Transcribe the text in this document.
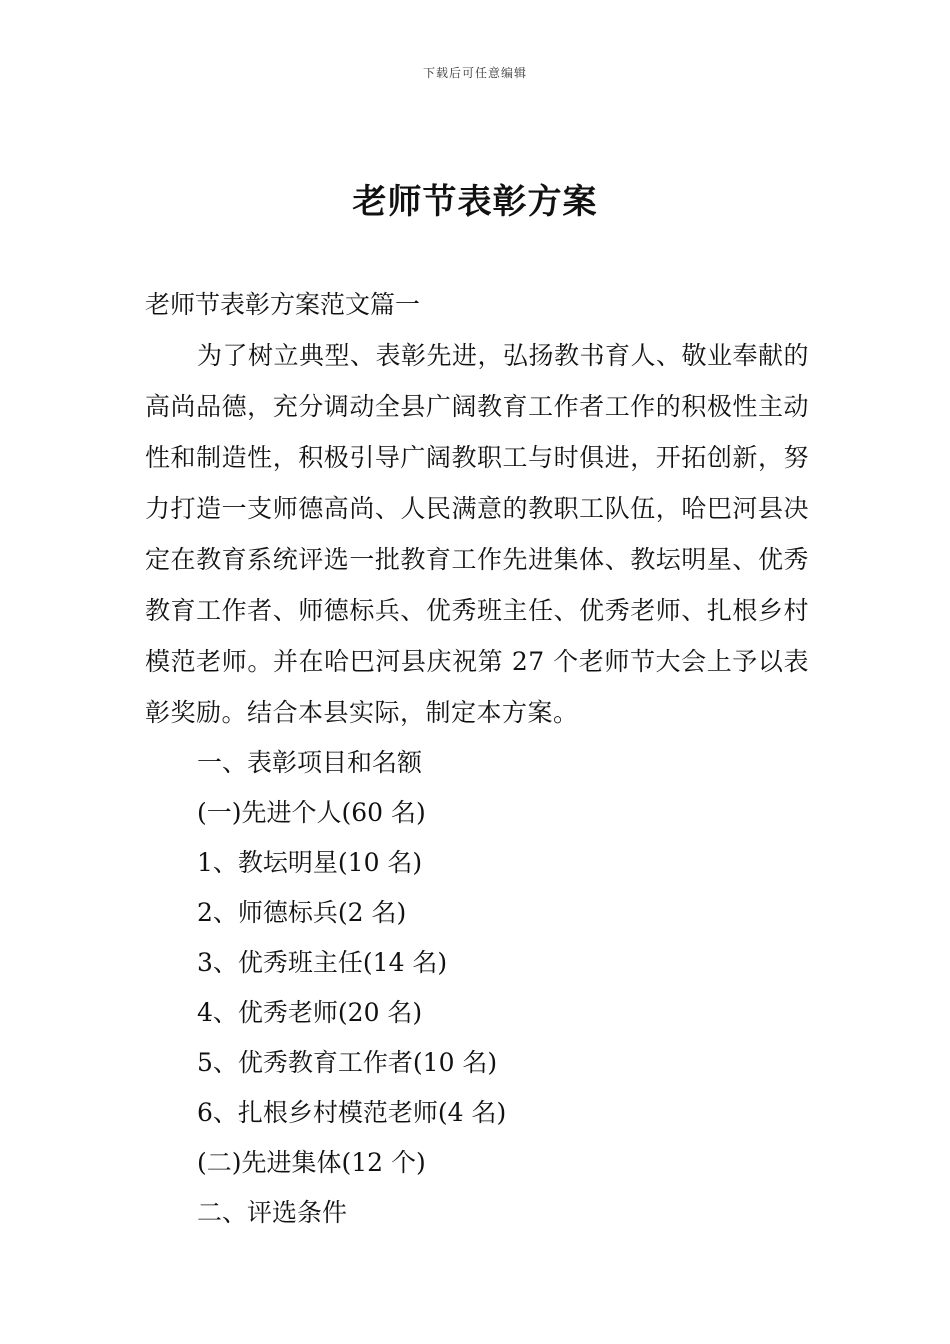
下载后可任意编辑
老师节表彰方案

老师节表彰方案范文篇一

为了树立典型、表彰先进，弘扬教书育人、敬业奉献的高尚品德，充分调动全县广阔教育工作者工作的积极性主动性和制造性，积极引导广阔教职工与时俱进，开拓创新，努力打造一支师德高尚、人民满意的教职工队伍，哈巴河县决定在教育系统评选一批教育工作先进集体、教坛明星、优秀教育工作者、师德标兵、优秀班主任、优秀老师、扎根乡村模范老师。并在哈巴河县庆祝第 27 个老师节大会上予以表彰奖励。结合本县实际，制定本方案。

一、表彰项目和名额

(一)先进个人(60 名)

1、教坛明星(10 名)

2、师德标兵(2 名)

3、优秀班主任(14 名)

4、优秀老师(20 名)

5、优秀教育工作者(10 名)

6、扎根乡村模范老师(4 名)

(二)先进集体(12 个)

二、评选条件
